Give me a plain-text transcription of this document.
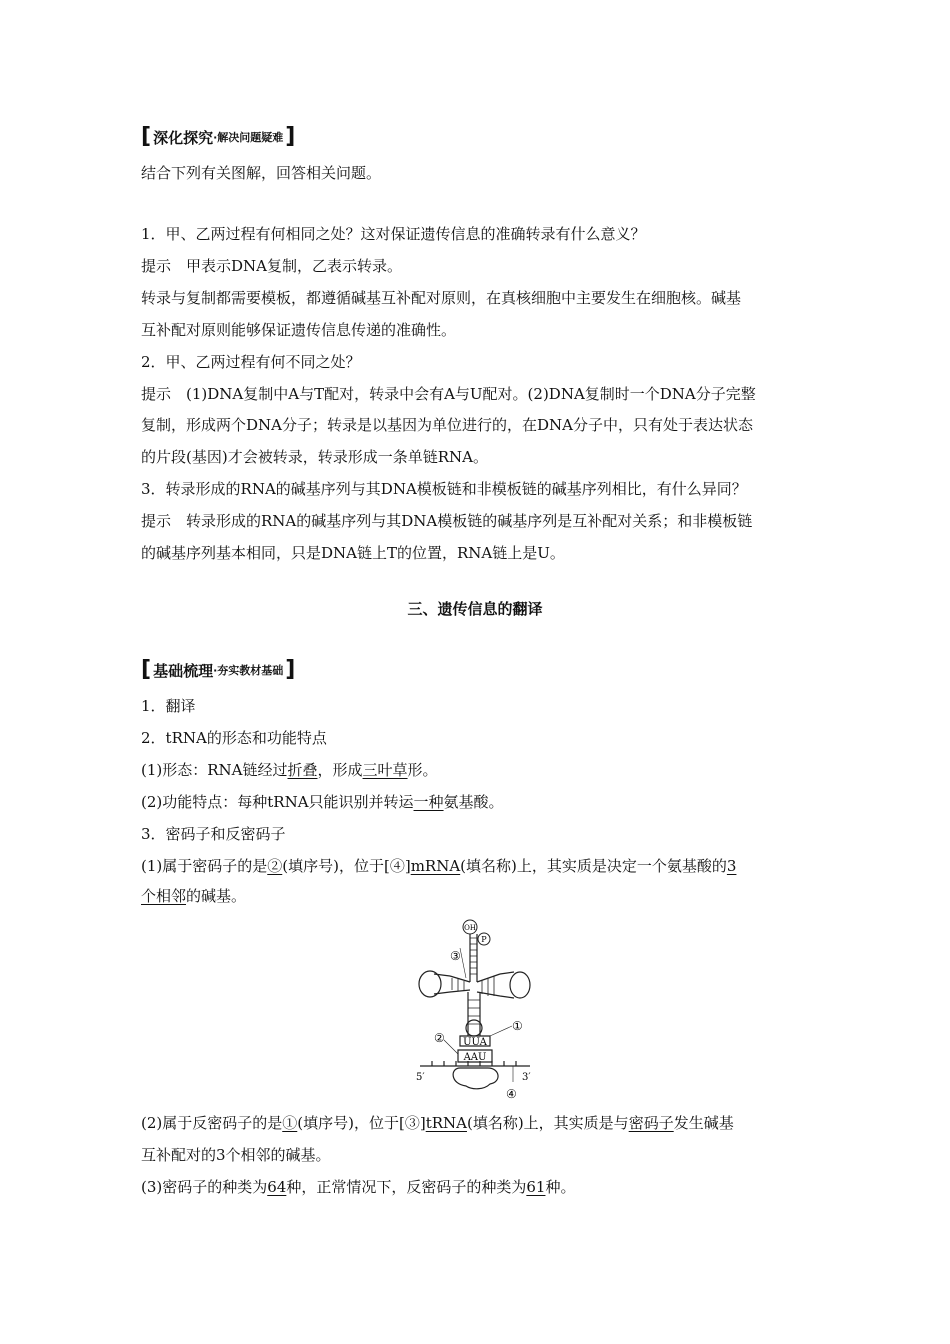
[ 深化探究 ·解决问题疑难 ]
结合下列有关图解，回答相关问题。
1．甲、乙两过程有何相同之处？这对保证遗传信息的准确转录有什么意义？
提示　甲表示DNA复制，乙表示转录。
转录与复制都需要模板，都遵循碱基互补配对原则，在真核细胞中主要发生在细胞核。碱基
互补配对原则能够保证遗传信息传递的准确性。
2．甲、乙两过程有何不同之处？
提示　(1)DNA复制中A与T配对，转录中会有A与U配对。(2)DNA复制时一个DNA分子完整
复制，形成两个DNA分子；转录是以基因为单位进行的，在DNA分子中，只有处于表达状态
的片段(基因)才会被转录，转录形成一条单链RNA。
3．转录形成的RNA的碱基序列与其DNA模板链和非模板链的碱基序列相比，有什么异同？
提示　转录形成的RNA的碱基序列与其DNA模板链的碱基序列是互补配对关系；和非模板链
的碱基序列基本相同，只是DNA链上T的位置，RNA链上是U。
三、遗传信息的翻译
[ 基础梳理 ·夯实教材基础 ]
1．翻译
2．tRNA的形态和功能特点
(1)形态：RNA链经过折叠，形成三叶草形。
(2)功能特点：每种tRNA只能识别并转运一种氨基酸。
3．密码子和反密码子
(1)属于密码子的是②(填序号)，位于[④]mRNA(填名称)上，其实质是决定一个氨基酸的3
个相邻的碱基。
OH
P
③
①
②
④
UUA
AAU
5′	3′
(2)属于反密码子的是①(填序号)，位于[③]tRNA(填名称)上，其实质是与密码子发生碱基
互补配对的3个相邻的碱基。
(3)密码子的种类为64种，正常情况下，反密码子的种类为61种。
